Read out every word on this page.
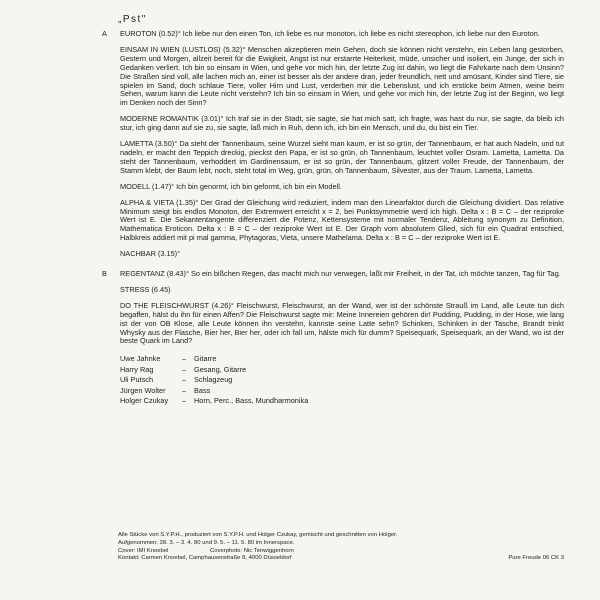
„Pst"

A EUROTON (0.52)° Ich liebe nur den einen Ton, ich liebe es nur monoton, ich liebe es nicht stereophon, ich liebe nur den Euroton.

EINSAM IN WIEN (LUSTLOS) (5.32)° Menschen akzeptieren mein Gehen, doch sie können nicht verstehn, ein Leben lang gestorben, Gestern und Morgen, allzeit bereit für die Ewigkeit, Angst ist nur erstarrte Heiterkeit, müde, unsicher und isoliert, ein Junge, der sich in Gedanken verliert. Ich bin so einsam in Wien, und gehe vor mich hin, der letzte Zug ist dahin, wo liegt die Fahrkarte nach dem Unsinn? Die Straßen sind voll, alle lachen mich an, einer ist besser als der andere dran, jeder freundlich, nett und amüsant, Kinder sind Tiere, sie spielen im Sand, doch schlaue Tiere, voller Hirn und Lust, verderben mir die Lebenslust, und ich ersticke beim Atmen, weine beim Sehen, warum kann die Leute nicht verstehn? Ich bin so einsam in Wien, und gehe vor mich hin, der letzte Zug ist der Beginn, wo liegt im Denken noch der Sinn?

MODERNE ROMANTIK (3.01)° Ich traf sie in der Stadt, sie sagte, sie hat mich satt, ich fragte, was hast du nur, sie sagte, da bleib ich stur, ich ging dann auf sie zu, sie sagte, laß mich in Ruh, denn ich, ich bin ein Mensch, und du, du bist ein Tier.

LAMETTA (3.50)° Da steht der Tannenbaum, seine Wurzel sieht man kaum, er ist so grün, der Tannenbaum, er hat auch Nadeln, und tut nadeln, er macht den Teppich dreckig, pieckst den Papa, er ist so grün, oh Tannenbaum, leuchtet voller Osram. Lametta, Lametta. Da steht der Tannenbaum, verhoddert im Gardinensaum, er ist so grün, der Tannenbaum, glitzert voller Freude, der Tannenbaum, der Stamm klebt, der Baum lebt, noch, steht total im Weg, grün, grün, oh Tannenbaum, Silvester, aus der Traum. Lametta, Lametta.

MODELL (1.47)° Ich bin genormt, ich bin geformt, ich bin ein Modell.

ALPHA & VIETA (1.35)° Der Grad der Gleichung wird reduziert, indem man den Linearfaktor durch die Gleichung dividiert. Das relative Minimum steigt bis endlos Monoton, der Extremwert erreicht x = 2, bei Punktsymmetrie werd ich high. Delta x : B = C – der reziproke Wert ist E. Die Sekantentangente differenziert die Potenz, Kettensysteme mit normaler Tendenz, Ableitung synonym zu Definition, Mathematica Eroticon. Delta x : B = C – der reziproke Wert ist E. Der Graph vom absolutem Glied, sich für ein Quadrat entschied, Halbkreis addiert mit pi mal gamma, Phytagoras, Vieta, unsere Mathelama. Delta x : B = C – der reziproke Wert ist E.

NACHBAR (3.15)°

B REGENTANZ (8.43)° So ein bißchen Regen, das macht mich nur verwegen, laßt mir Freiheit, in der Tat, ich möchte tanzen, Tag für Tag.

STRESS (6.45)

DO THE FLEISCHWURST (4.26)° Fleischwurst, Fleischwurst, an der Wand, wer ist der schönste Strauß im Land, alle Leute tun dich begaffen, hälst du ihn für einen Affen? Die Fleischwurst sagte mir: Meine Innereien gehören dir! Pudding, Pudding, in der Hose, wie lang ist der von OB Klose, alle Leute können ihn verstehn, kannste seine Latte sehn? Schinken, Schinken in der Tasche, Brandt trinkt Whysky aus der Flasche, Bier her, Bier her, oder ich fall um, hälste mich für dumm? Speisequark, Speisequark, an der Wand, wo ist der beste Quark im Land?

Uwe Jahnke	–	Gitarre
Harry Rag	–	Gesang, Gitarre
Uli Putsch	–	Schlagzeug
Jürgen Wolter	–	Bass
Holger Czukay	–	Horn, Perc., Bass, Mundharmonika
Alle Stücke von S.Y.P.H., produziert von S.Y.P.H. und Holger Czukay, gemischt und geschnitten von Holger.
Aufgenommen: 28. 3. – 3. 4. 80 und 9. 5. – 11. 5. 80 im Innerspace.
Cover: IMI Knoebel	Coverphoto: Nic Tenwiggenhorn
Kontakt: Carmen Knoebel, Camphausenstraße 8, 4000 Düsseldorf	Pure Freude 06 CK 3
